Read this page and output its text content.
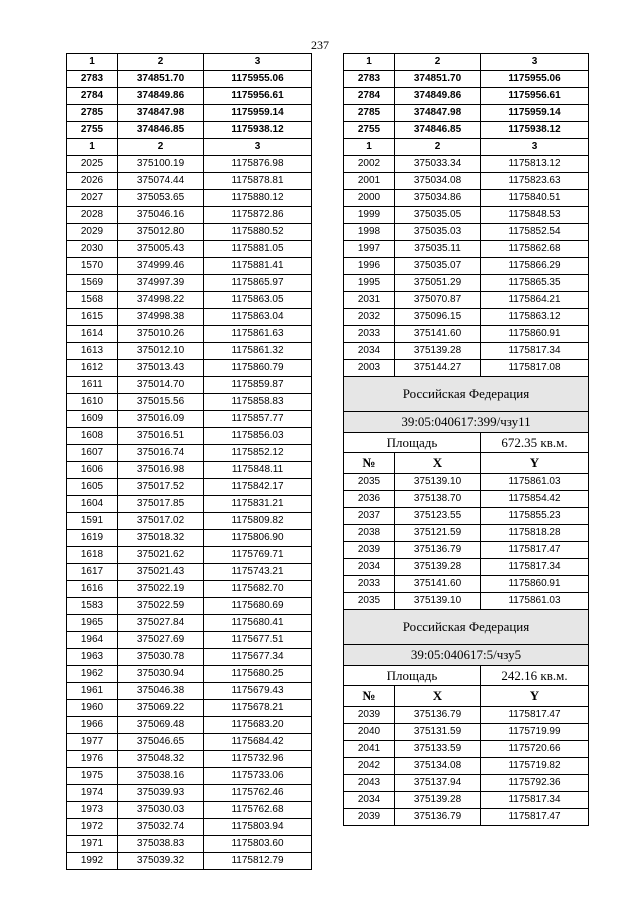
237
1	2	3
2783	374851.70	1175955.06
2784	374849.86	1175956.61
2785	374847.98	1175959.14
2755	374846.85	1175938.12
1	2	3
2025	375100.19	1175876.98
2026	375074.44	1175878.81
2027	375053.65	1175880.12
2028	375046.16	1175872.86
2029	375012.80	1175880.52
2030	375005.43	1175881.05
1570	374999.46	1175881.41
1569	374997.39	1175865.97
1568	374998.22	1175863.05
1615	374998.38	1175863.04
1614	375010.26	1175861.63
1613	375012.10	1175861.32
1612	375013.43	1175860.79
1611	375014.70	1175859.87
1610	375015.56	1175858.83
1609	375016.09	1175857.77
1608	375016.51	1175856.03
1607	375016.74	1175852.12
1606	375016.98	1175848.11
1605	375017.52	1175842.17
1604	375017.85	1175831.21
1591	375017.02	1175809.82
1619	375018.32	1175806.90
1618	375021.62	1175769.71
1617	375021.43	1175743.21
1616	375022.19	1175682.70
1583	375022.59	1175680.69
1965	375027.84	1175680.41
1964	375027.69	1175677.51
1963	375030.78	1175677.34
1962	375030.94	1175680.25
1961	375046.38	1175679.43
1960	375069.22	1175678.21
1966	375069.48	1175683.20
1977	375046.65	1175684.42
1976	375048.32	1175732.96
1975	375038.16	1175733.06
1974	375039.93	1175762.46
1973	375030.03	1175762.68
1972	375032.74	1175803.94
1971	375038.83	1175803.60
1992	375039.32	1175812.79
1	2	3
2783	374851.70	1175955.06
2784	374849.86	1175956.61
2785	374847.98	1175959.14
2755	374846.85	1175938.12
1	2	3
2002	375033.34	1175813.12
2001	375034.08	1175823.63
2000	375034.86	1175840.51
1999	375035.05	1175848.53
1998	375035.03	1175852.54
1997	375035.11	1175862.68
1996	375035.07	1175866.29
1995	375051.29	1175865.35
2031	375070.87	1175864.21
2032	375096.15	1175863.12
2033	375141.60	1175860.91
2034	375139.28	1175817.34
2003	375144.27	1175817.08
Российская Федерация		
39:05:040617:399/чзу11		
Площадь		672.35 кв.м.
№	X	Y
2035	375139.10	1175861.03
2036	375138.70	1175854.42
2037	375123.55	1175855.23
2038	375121.59	1175818.28
2039	375136.79	1175817.47
2034	375139.28	1175817.34
2033	375141.60	1175860.91
2035	375139.10	1175861.03
Российская Федерация		
39:05:040617:5/чзу5		
Площадь		242.16 кв.м.
№	X	Y
2039	375136.79	1175817.47
2040	375131.59	1175719.99
2041	375133.59	1175720.66
2042	375134.08	1175719.82
2043	375137.94	1175792.36
2034	375139.28	1175817.34
2039	375136.79	1175817.47
